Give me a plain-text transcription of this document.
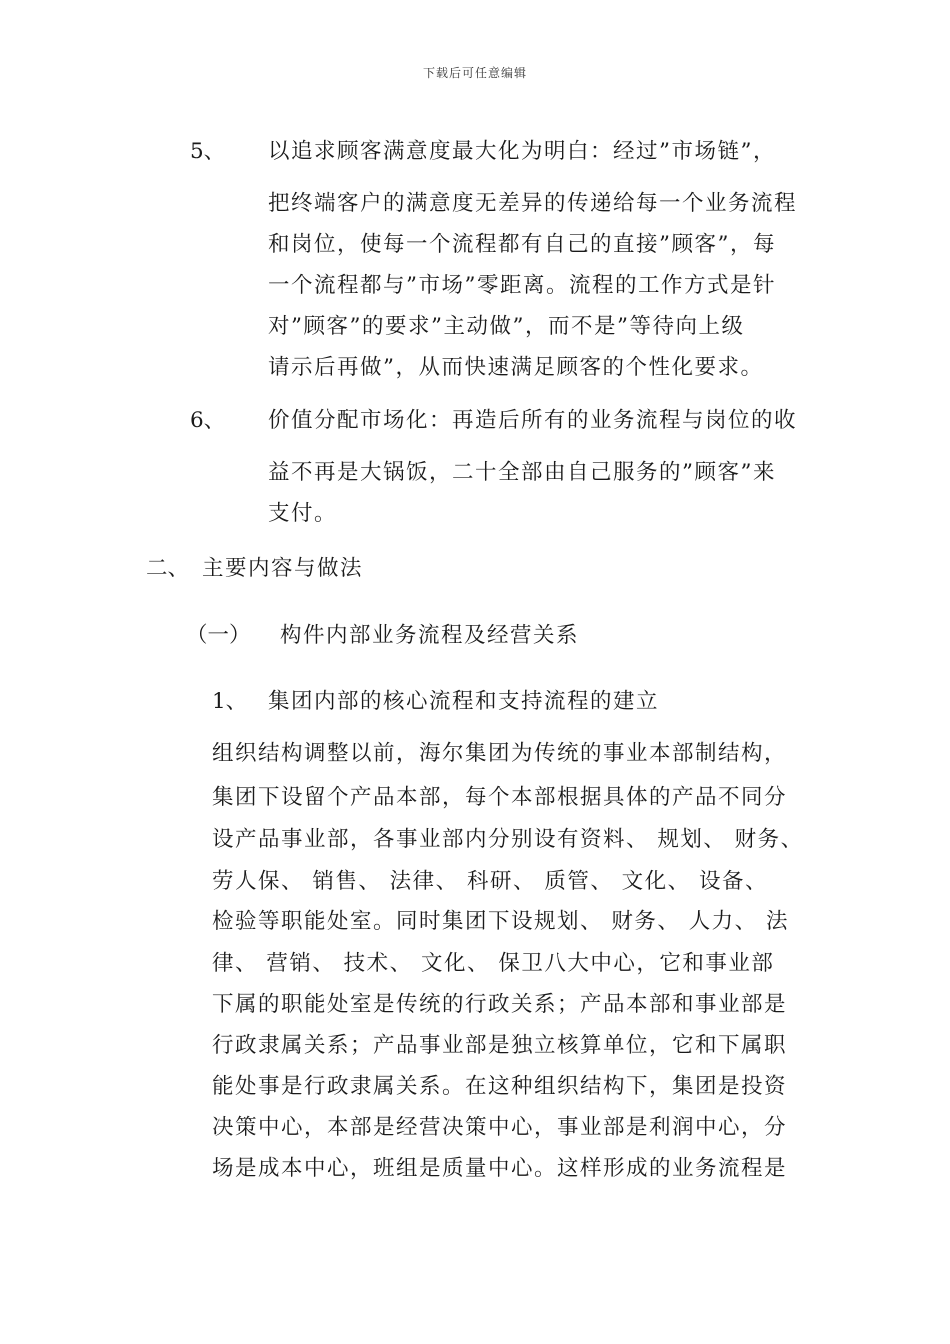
下载后可任意编辑
5、 以追求顾客满意度最大化为明白：经过”市场链”，
把终端客户的满意度无差异的传递给每一个业务流程
和岗位，使每一个流程都有自己的直接”顾客”，每
一个流程都与”市场”零距离。流程的工作方式是针
对”顾客”的要求”主动做”，而不是”等待向上级
请示后再做”，从而快速满足顾客的个性化要求。
6、 价值分配市场化：再造后所有的业务流程与岗位的收
益不再是大锅饭，二十全部由自己服务的”顾客”来
支付。
二、 主要内容与做法
（一） 构件内部业务流程及经营关系
1、 集团内部的核心流程和支持流程的建立
组织结构调整以前，海尔集团为传统的事业本部制结构，
集团下设留个产品本部，每个本部根据具体的产品不同分
设产品事业部，各事业部内分别设有资料、 规划、 财务、
劳人保、 销售、 法律、 科研、 质管、 文化、 设备、
检验等职能处室。同时集团下设规划、 财务、 人力、 法
律、 营销、 技术、 文化、 保卫八大中心，它和事业部
下属的职能处室是传统的行政关系；产品本部和事业部是
行政隶属关系；产品事业部是独立核算单位，它和下属职
能处事是行政隶属关系。在这种组织结构下，集团是投资
决策中心，本部是经营决策中心，事业部是利润中心，分
场是成本中心，班组是质量中心。这样形成的业务流程是
